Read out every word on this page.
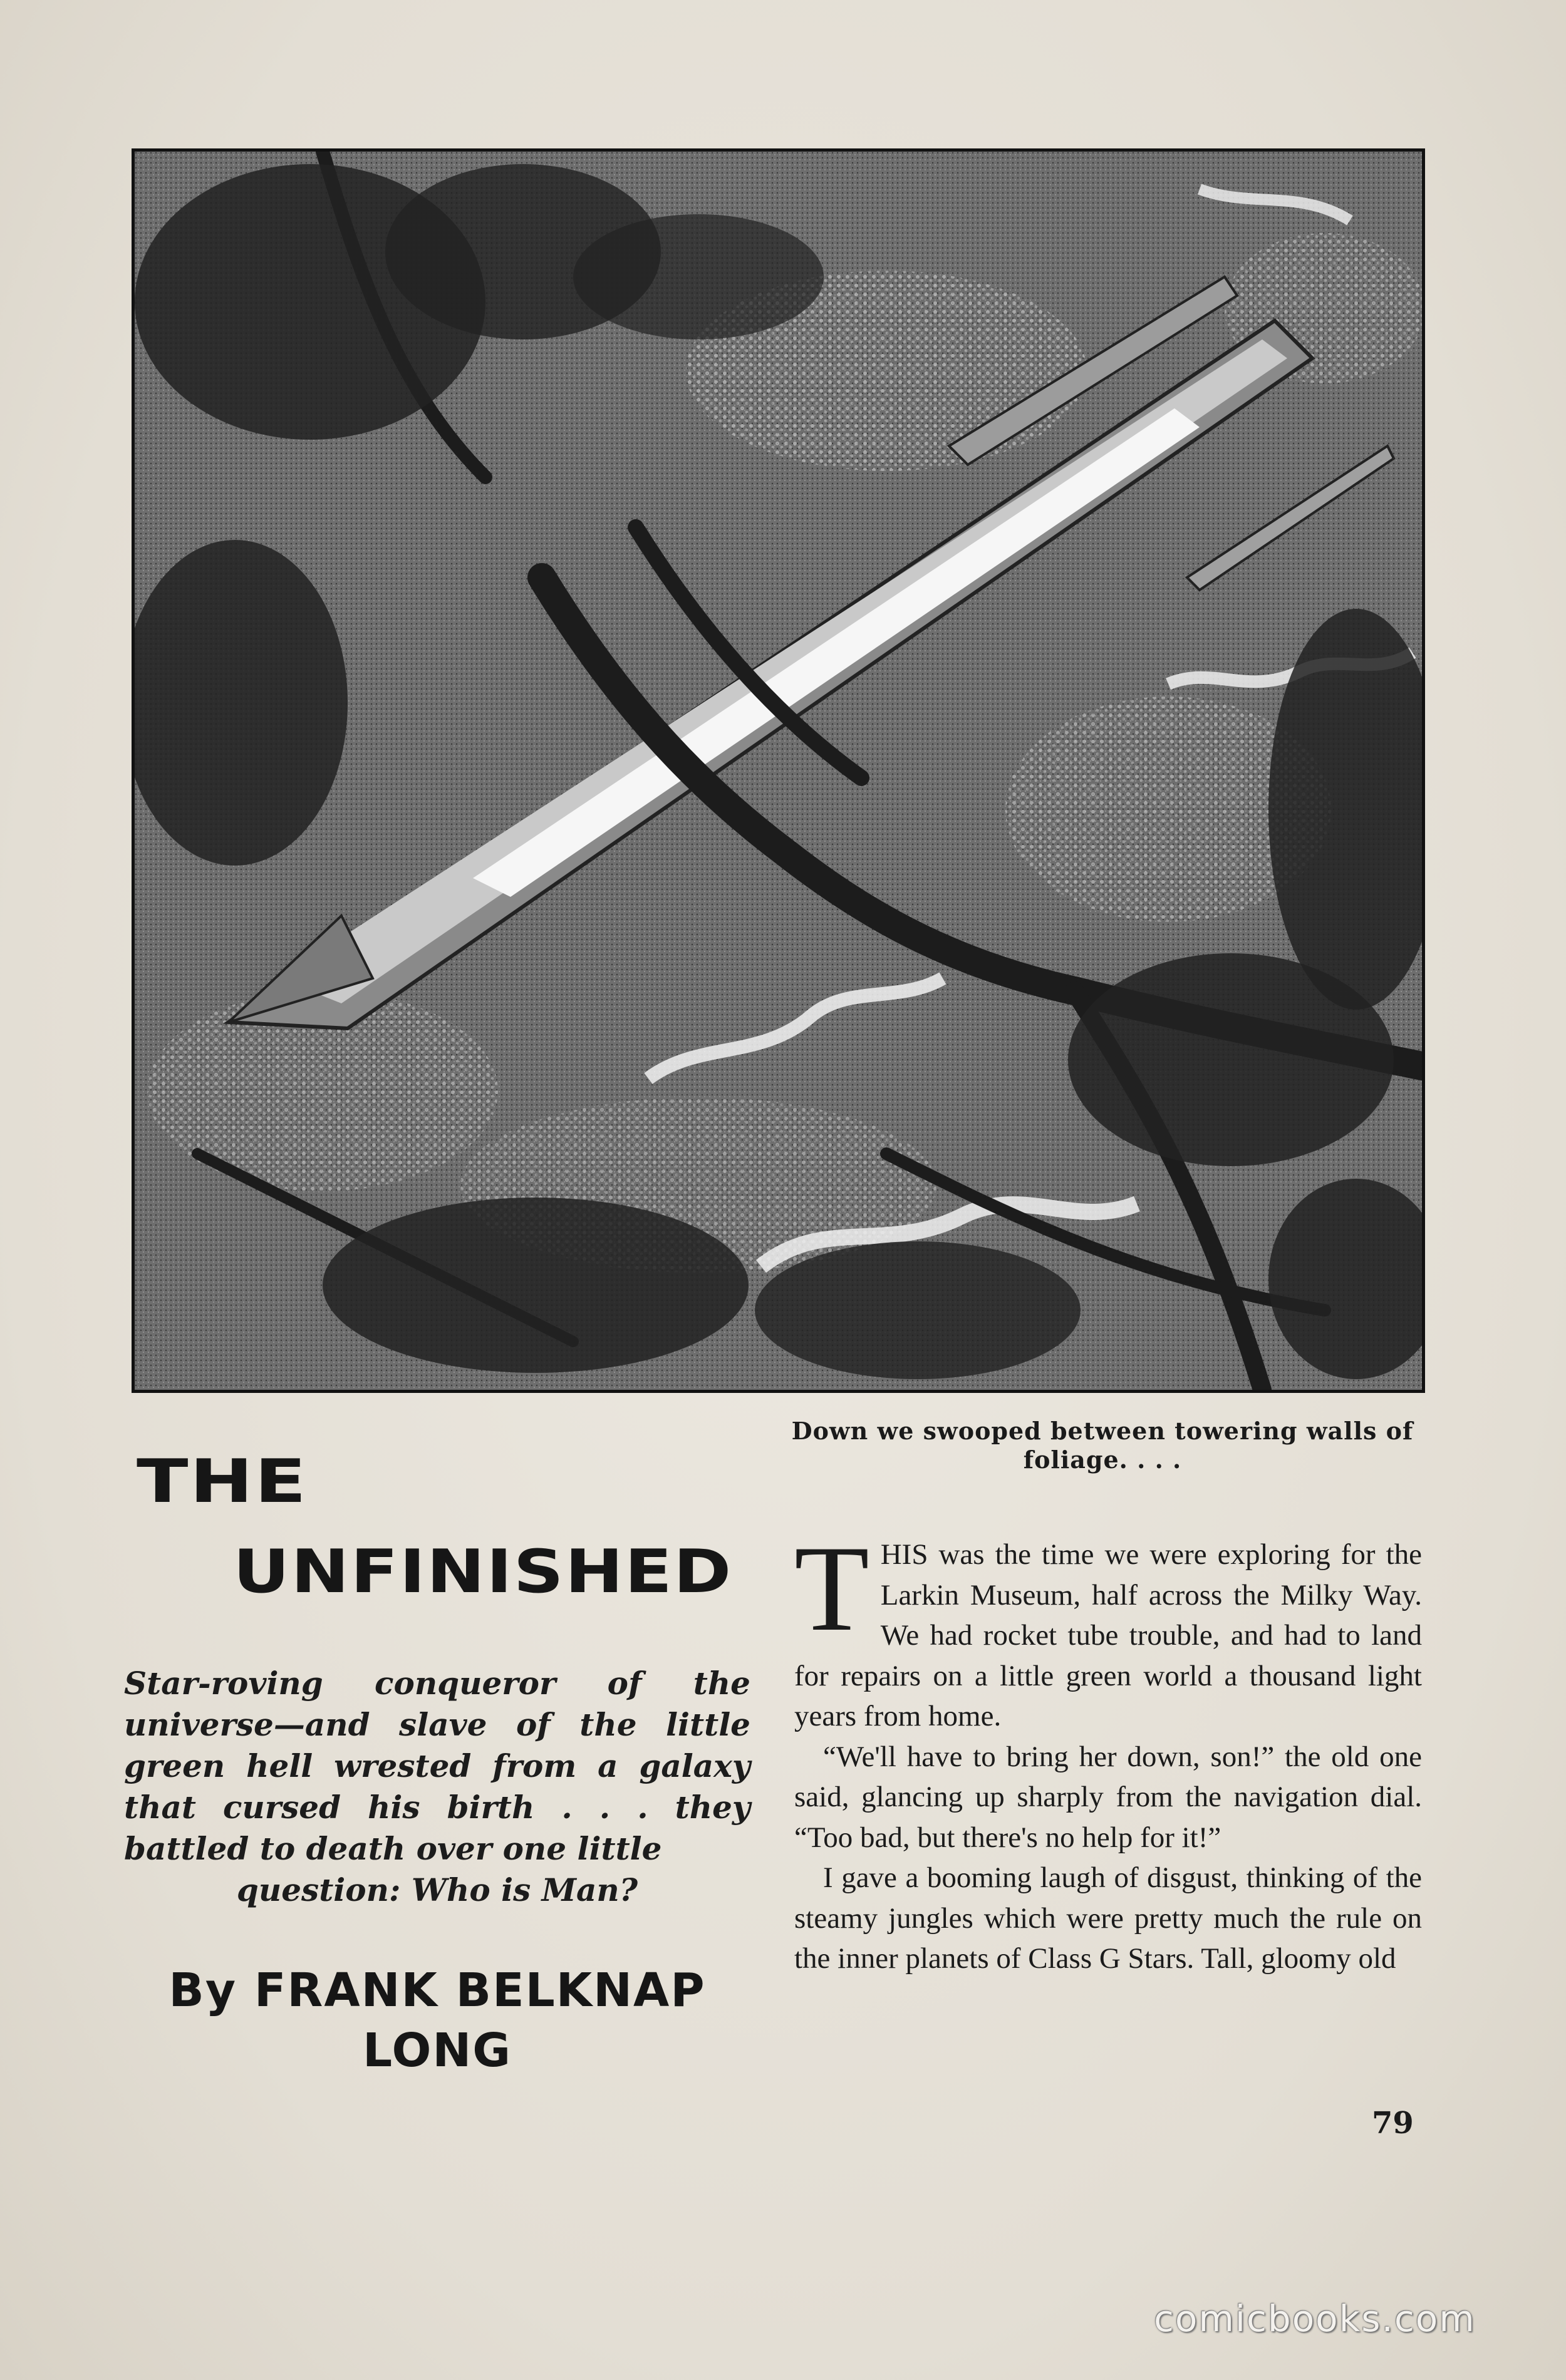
Down we swooped between towering walls of foliage. . . .
THE
UNFINISHED
Star-roving conqueror of the universe—and slave of the little green hell wrested from a galaxy that cursed his birth . . . they battled to death over one little
question: Who is Man?
By FRANK BELKNAP
LONG

THIS was the time we were exploring for the Larkin Museum, half across the Milky Way. We had rocket tube trouble, and had to land for repairs on a little green world a thousand light years from home.

“We'll have to bring her down, son!” the old one said, glancing up sharply from the navigation dial. “Too bad, but there's no help for it!”

I gave a booming laugh of disgust, thinking of the steamy jungles which were pretty much the rule on the inner planets of Class G Stars. Tall, gloomy old

79
comicbooks.com
